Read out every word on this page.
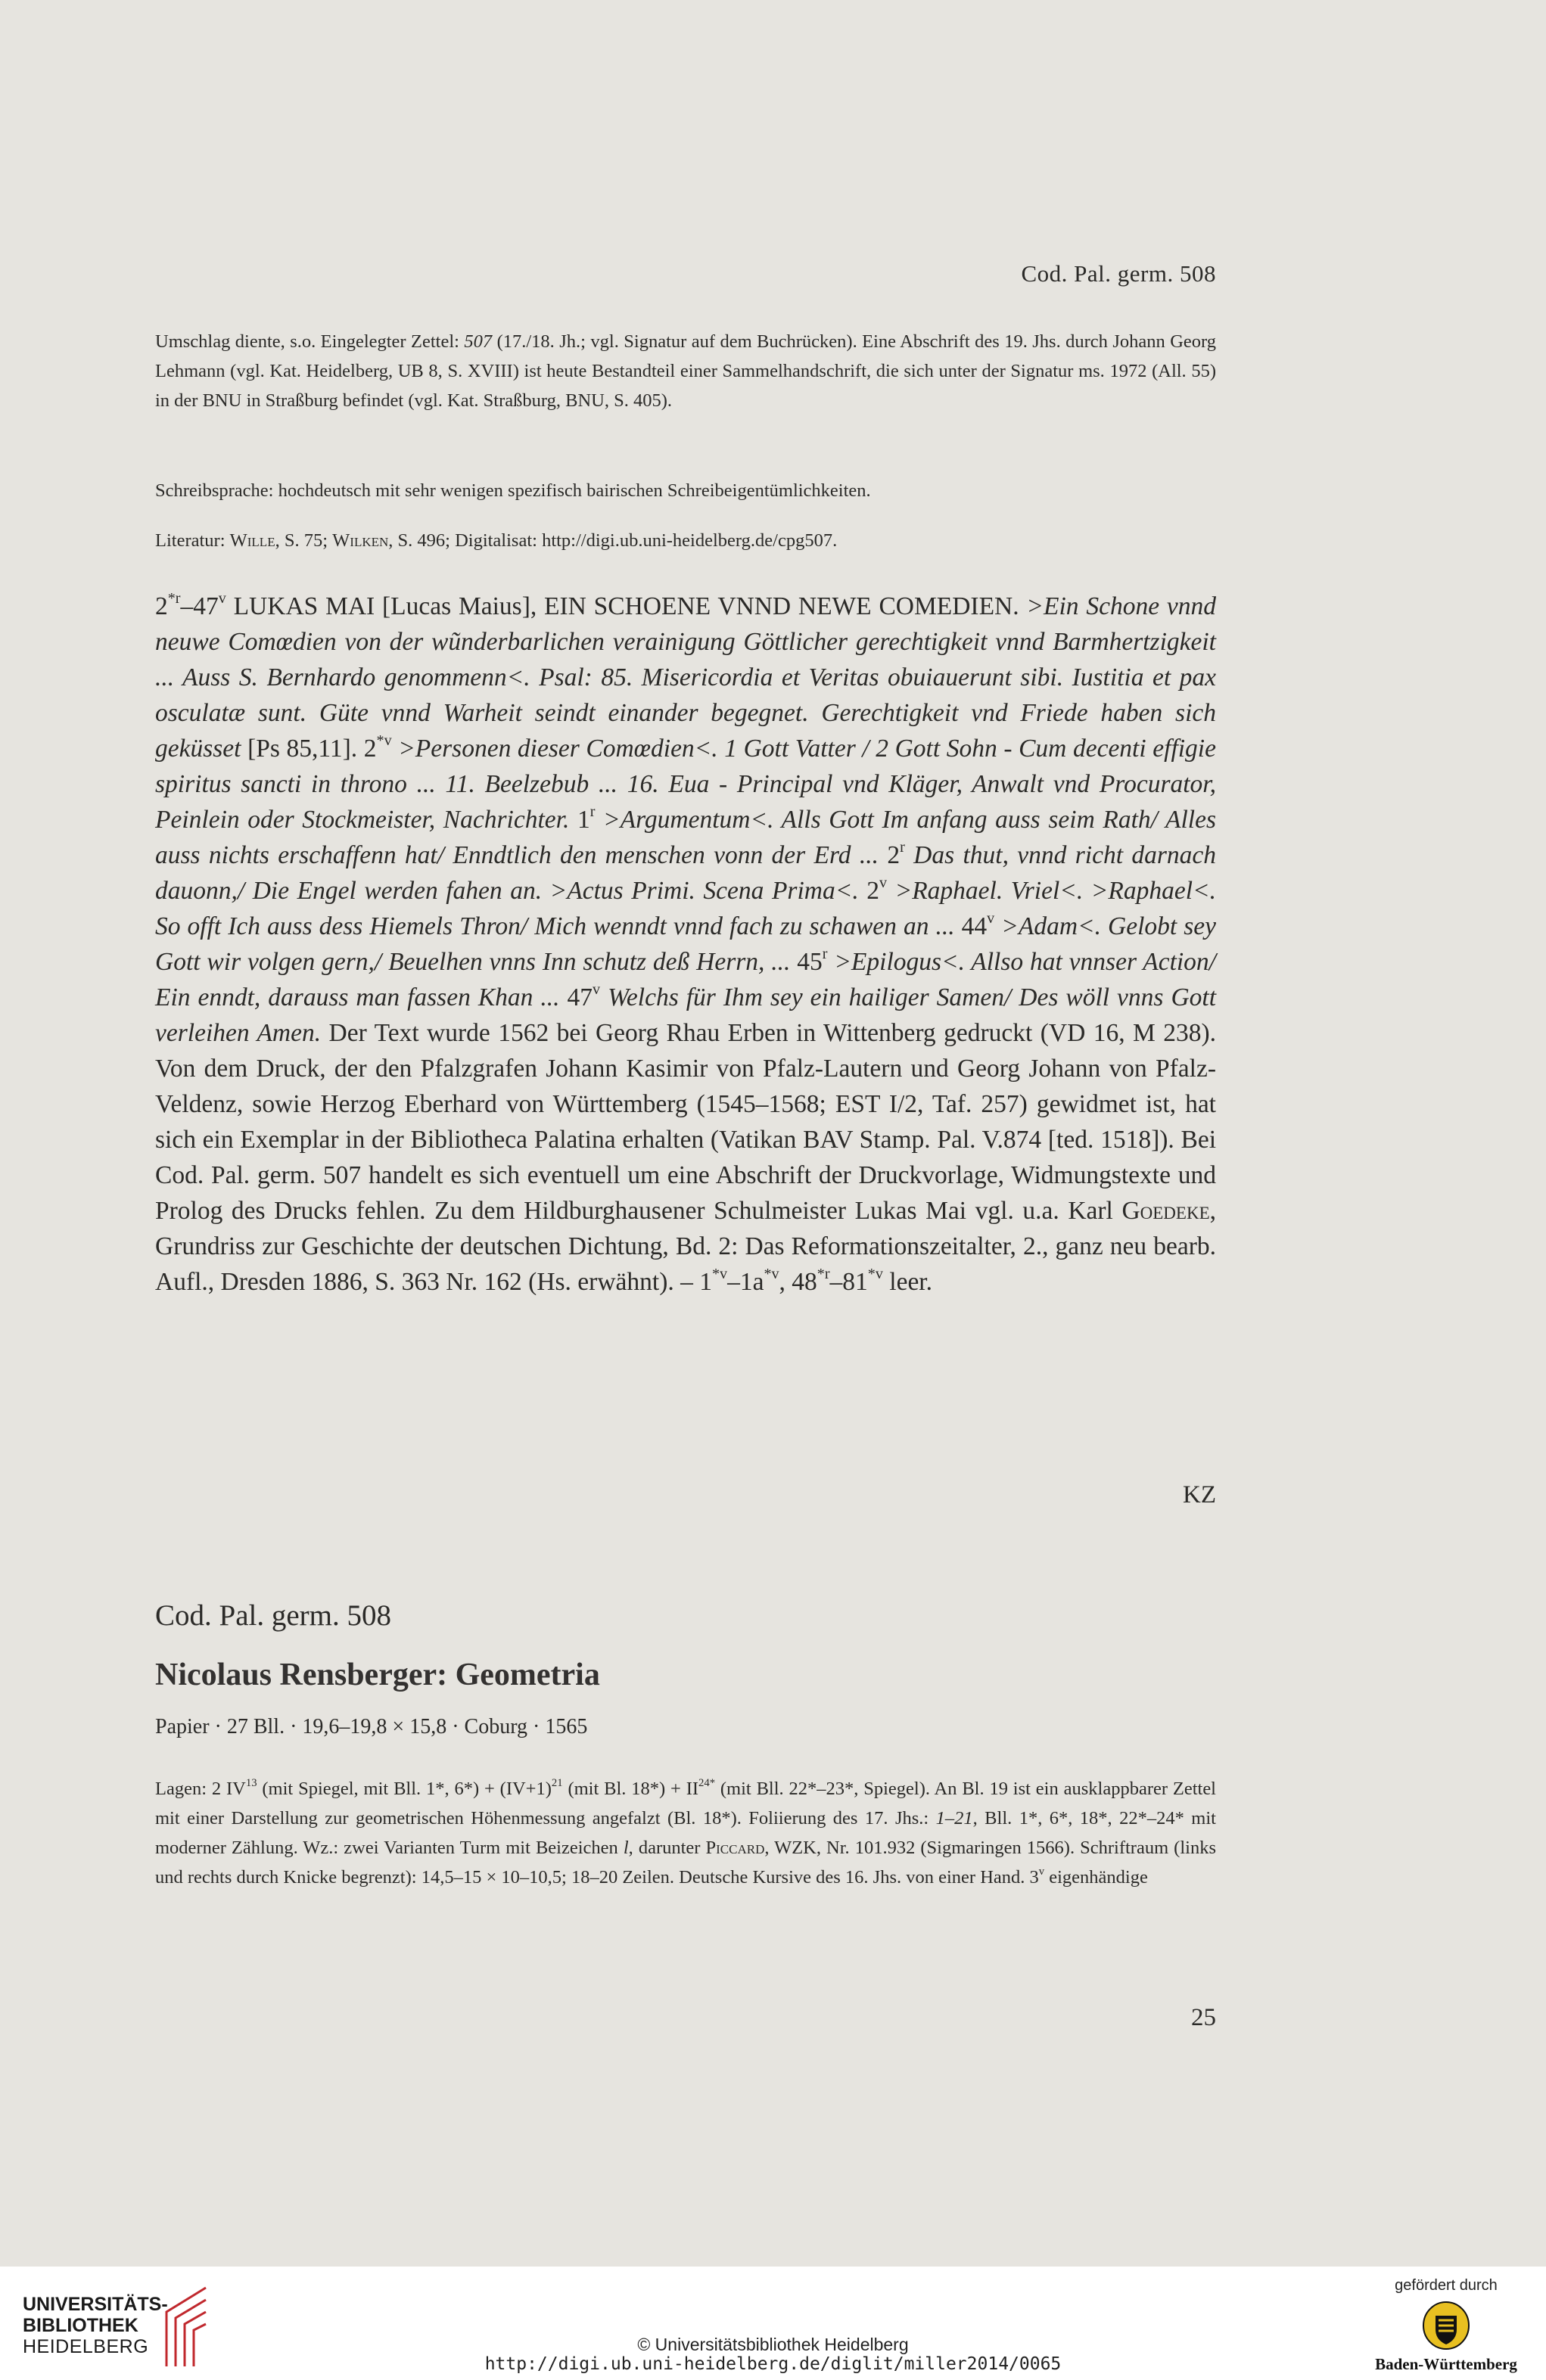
Cod. Pal. germ. 508

Umschlag diente, s.o. Eingelegter Zettel: 507 (17./18. Jh.; vgl. Signatur auf dem Buchrücken). Eine Abschrift des 19. Jhs. durch Johann Georg Lehmann (vgl. Kat. Heidelberg, UB 8, S. XVIII) ist heute Bestandteil einer Sammelhandschrift, die sich unter der Signatur ms. 1972 (All. 55) in der BNU in Straßburg befindet (vgl. Kat. Straßburg, BNU, S. 405).

Schreibsprache: hochdeutsch mit sehr wenigen spezifisch bairischen Schreibeigentümlichkeiten.

Literatur: Wille, S. 75; Wilken, S. 496; Digitalisat: http://digi.ub.uni-heidelberg.de/cpg507.

2$^{*r}$–47$^v$ LUKAS MAI [Lucas Maius], EIN SCHOENE VNND NEWE COMEDIEN. >Ein Schone vnnd neuwe Comœdien von der wũnderbarlichen verainigung Göttlicher gerechtigkeit vnnd Barmhertzigkeit ... Auss S. Bernhardo genommenn<. Psal: 85. Misericordia et Veritas obuiauerunt sibi. Iustitia et pax osculatæ sunt. Güte vnnd Warheit seindt einander begegnet. Gerechtigkeit vnd Friede haben sich geküsset [Ps 85,11]. $2^{*v}$ >Personen dieser Comœdien<. 1 Gott Vatter / 2 Gott Sohn - Cum decenti effigie spiritus sancti in throno ... 11. Beelzebub ... 16. Eua - Principal vnd Kläger, Anwalt vnd Procurator, Peinlein oder Stockmeister, Nachrichter. $1^r$ >Argumentum<. Alls Gott Im anfang auss seim Rath/ Alles auss nichts erschaffenn hat/ Enndtlich den menschen vonn der Erd ... 2$^r$ Das thut, vnnd richt darnach dauonn,/ Die Engel werden fahen an. >Actus Primi. Scena Prima<. $2^v$ >Raphael. Vriel<. >Raphael<. So offt Ich auss dess Hiemels Thron/ Mich wenndt vnnd fach zu schawen an ... $44^v$ >Adam<. Gelobt sey Gott wir volgen gern,/ Beuelhen vnns Inn schutz deß Herrn, ... $45^r$ >Epilogus<. Allso hat vnnser Action/ Ein enndt, darauss man fassen Khan ... 47$^v$ Welchs für Ihm sey ein hailiger Samen/ Des wöll vnns Gott verleihen Amen. Der Text wurde 1562 bei Georg Rhau Erben in Wittenberg gedruckt (VD 16, M 238). Von dem Druck, der den Pfalzgrafen Johann Kasimir von Pfalz-Lautern und Georg Johann von Pfalz-Veldenz, sowie Herzog Eberhard von Württemberg (1545–1568; EST I/2, Taf. 257) gewidmet ist, hat sich ein Exemplar in der Bibliotheca Palatina erhalten (Vatikan BAV Stamp. Pal. V.874 [ted. 1518]). Bei Cod. Pal. germ. 507 handelt es sich eventuell um eine Abschrift der Druckvorlage, Widmungstexte und Prolog des Drucks fehlen. Zu dem Hildburghausener Schulmeister Lukas Mai vgl. u.a. Karl Goedeke, Grundriss zur Geschichte der deutschen Dichtung, Bd. 2: Das Reformationszeitalter, 2., ganz neu bearb. Aufl., Dresden 1886, S. 363 Nr. 162 (Hs. erwähnt). – $1^{*v}-1a^{*v}$, 48$^{*r}$–81$^{*v}$ leer.

KZ
Cod. Pal. germ. 508
Nicolaus Rensberger: Geometria
Papier · 27 Bll. · 19,6–19,8 × 15,8 · Coburg · 1565

Lagen: 2 IV$^{13}$ (mit Spiegel, mit Bll. 1*, $6*) + (IV+1)^{21}$ (mit Bl. $18*) + II^{24*}$ (mit Bll. 22*–23*, Spiegel). An Bl. 19 ist ein ausklappbarer Zettel mit einer Darstellung zur geometrischen Höhenmessung angefalzt (Bl. 18*). Foliierung des 17. Jhs.: 1–21, Bll. 1*, 6*, 18*, 22*–24* mit moderner Zählung. Wz.: zwei Varianten Turm mit Beizeichen l, darunter Piccard, WZK, Nr. 101.932 (Sigmaringen 1566). Schriftraum (links und rechts durch Knicke begrenzt): 14,5–15 × 10–10,5; 18–20 Zeilen. Deutsche Kursive des 16. Jhs. von einer Hand. 3$^v$ eigenhändige

25
UNIVERSITÄTS-
BIBLIOTHEK
HEIDELBERG	© Universitätsbibliothek Heidelberg
http://digi.ub.uni-heidelberg.de/diglit/miller2014/0065
gefördert durch
Baden-Württemberg
